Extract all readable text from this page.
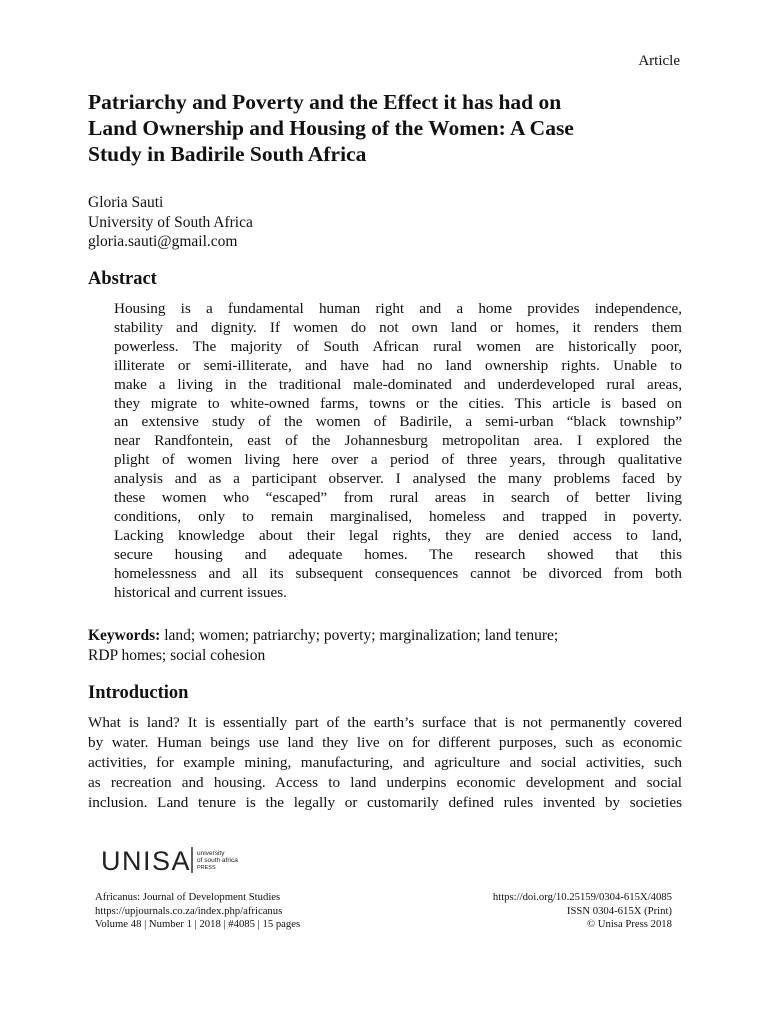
Article
Patriarchy and Poverty and the Effect it has had on
Land Ownership and Housing of the Women: A Case
Study in Badirile South Africa
Gloria Sauti
University of South Africa
gloria.sauti@gmail.com
Abstract
Housing is a fundamental human right and a home provides independence,
stability and dignity. If women do not own land or homes, it renders them
powerless. The majority of South African rural women are historically poor,
illiterate or semi-illiterate, and have had no land ownership rights. Unable to
make a living in the traditional male-dominated and underdeveloped rural areas,
they migrate to white-owned farms, towns or the cities. This article is based on
an extensive study of the women of Badirile, a semi-urban “black township”
near Randfontein, east of the Johannesburg metropolitan area. I explored the
plight of women living here over a period of three years, through qualitative
analysis and as a participant observer. I analysed the many problems faced by
these women who “escaped” from rural areas in search of better living
conditions, only to remain marginalised, homeless and trapped in poverty.
Lacking knowledge about their legal rights, they are denied access to land,
secure housing and adequate homes. The research showed that this
homelessness and all its subsequent consequences cannot be divorced from both
historical and current issues.
Keywords: land; women; patriarchy; poverty; marginalization; land tenure;
RDP homes; social cohesion
Introduction
What is land? It is essentially part of the earth’s surface that is not permanently covered
by water. Human beings use land they live on for different purposes, such as economic
activities, for example mining, manufacturing, and agriculture and social activities, such
as recreation and housing. Access to land underpins economic development and social
inclusion. Land tenure is the legally or customarily defined rules invented by societies
UNISA university
of south africa
PRESS
Africanus: Journal of Development Studies
https://upjournals.co.za/index.php/africanus
Volume 48 | Number 1 | 2018 | #4085 | 15 pages
https://doi.org/10.25159/0304-615X/4085
ISSN 0304-615X (Print)
© Unisa Press 2018
